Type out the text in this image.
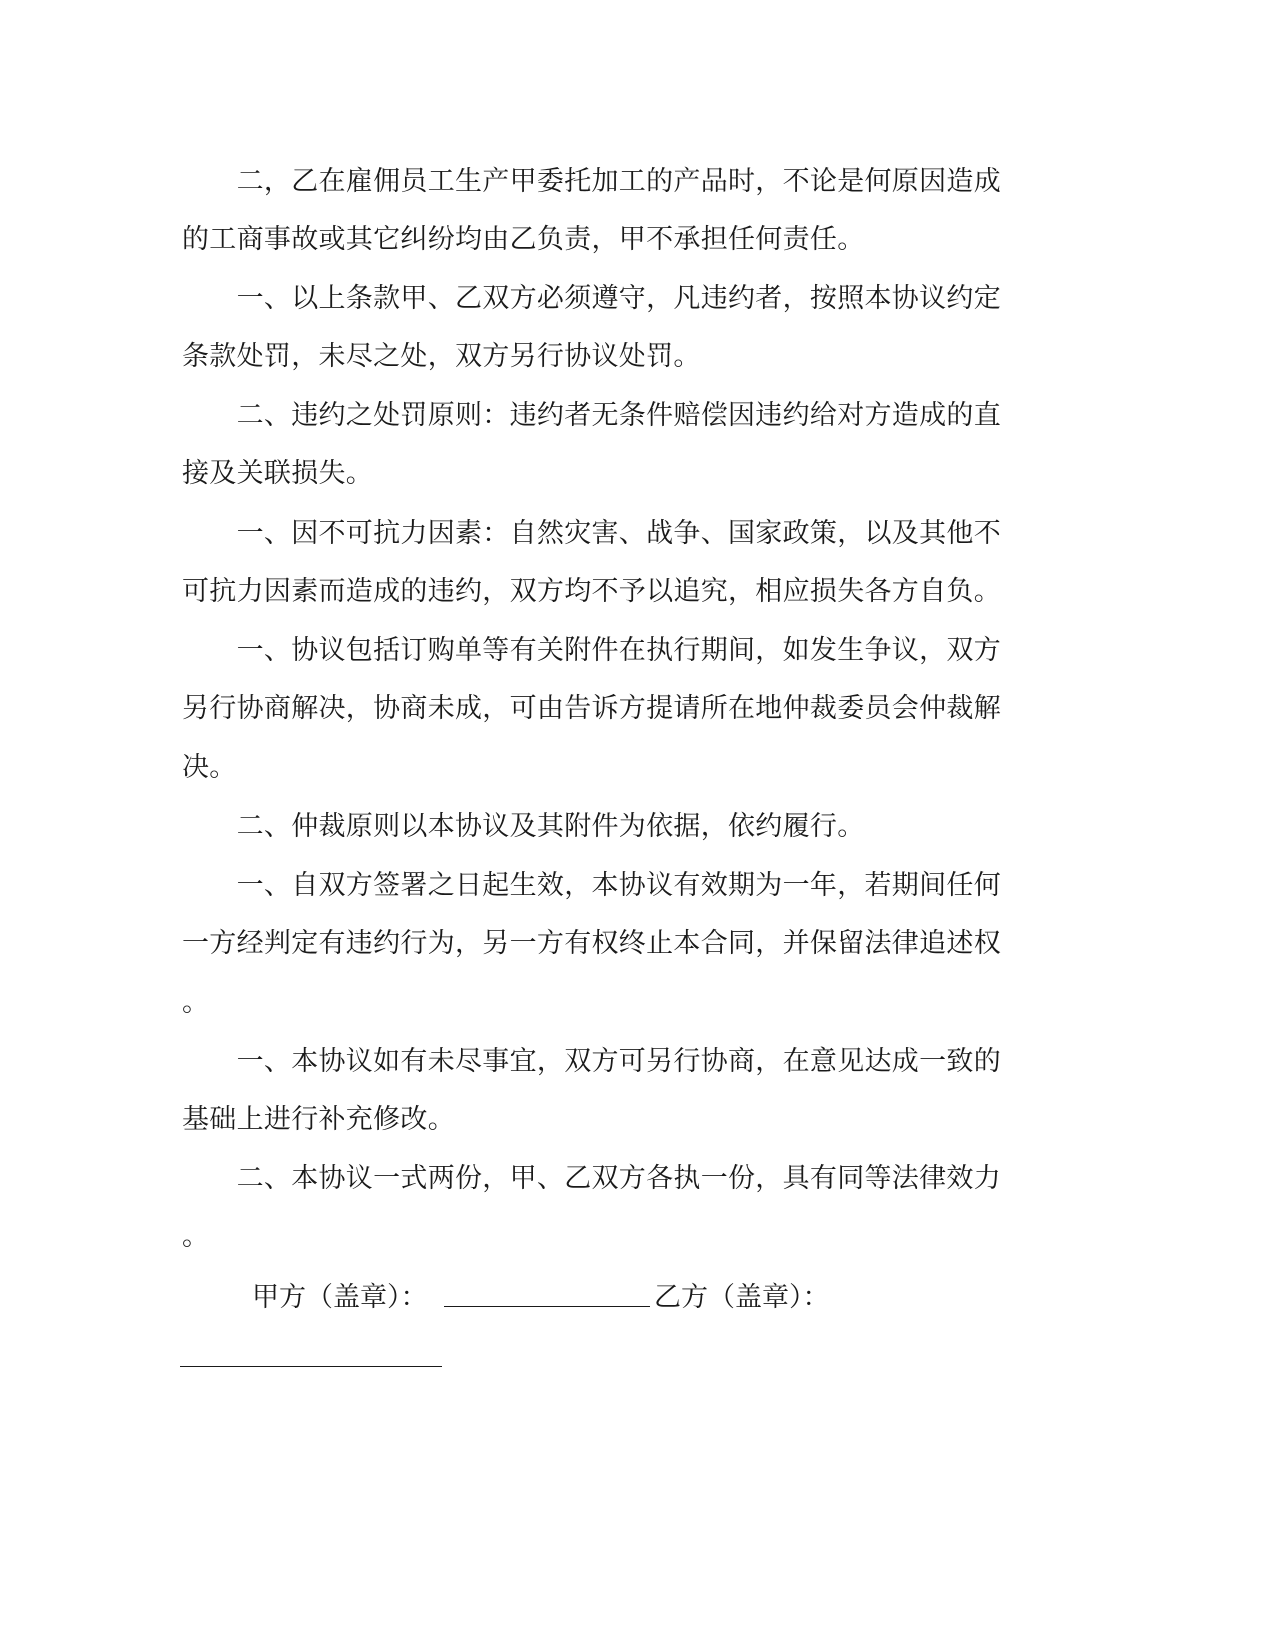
　　二，乙在雇佣员工生产甲委托加工的产品时，不论是何原因造成
的工商事故或其它纠纷均由乙负责，甲不承担任何责任。
　　一、以上条款甲、乙双方必须遵守，凡违约者，按照本协议约定
条款处罚，未尽之处，双方另行协议处罚。
　　二、违约之处罚原则：违约者无条件赔偿因违约给对方造成的直
接及关联损失。
　　一、因不可抗力因素：自然灾害、战争、国家政策，以及其他不
可抗力因素而造成的违约，双方均不予以追究，相应损失各方自负。
　　一、协议包括订购单等有关附件在执行期间，如发生争议，双方
另行协商解决，协商未成，可由告诉方提请所在地仲裁委员会仲裁解
决。
　　二、仲裁原则以本协议及其附件为依据，依约履行。
　　一、自双方签署之日起生效，本协议有效期为一年，若期间任何
一方经判定有违约行为，另一方有权终止本合同，并保留法律追述权
。
　　一、本协议如有未尽事宜，双方可另行协商，在意见达成一致的
基础上进行补充修改。
　　二、本协议一式两份，甲、乙双方各执一份，具有同等法律效力
。
甲方（盖章）：	乙方（盖章）：
